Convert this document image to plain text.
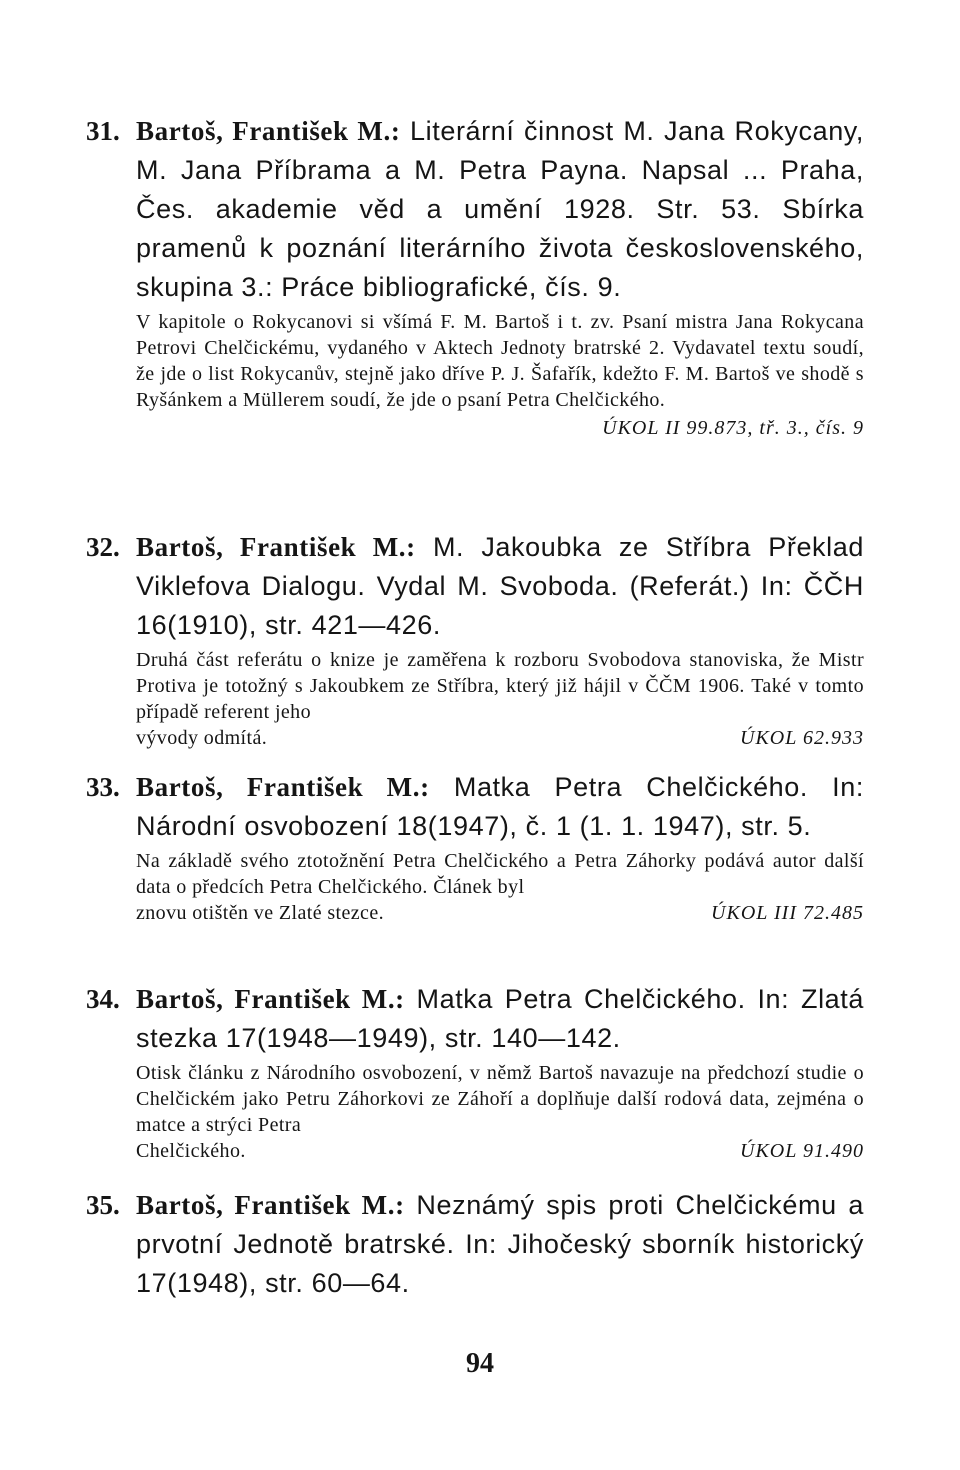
31. Bartoš, František M.: Literární činnost M. Jana Rokycany, M. Jana Příbrama a M. Petra Payna. Napsal ... Praha, Čes. akademie věd a umění 1928. Str. 53. Sbírka pramenů k poznání literárního života československého, skupina 3.: Práce bibliografické, čís. 9.

V kapitole o Rokycanovi si všímá F. M. Bartoš i t. zv. Psaní mistra Jana Rokycana Petrovi Chelčickému, vydaného v Aktech Jednoty bratrské 2. Vydavatel textu soudí, že jde o list Rokycanův, stejně jako dříve P. J. Šafařík, kdežto F. M. Bartoš ve shodě s Ryšánkem a Müllerem soudí, že jde o psaní Petra Chelčického.

ÚKOL II 99.873, tř. 3., čís. 9
32. Bartoš, František M.: M. Jakoubka ze Stříbra Překlad Viklefova Dialogu. Vydal M. Svoboda. (Referát.) In: ČČH 16(1910), str. 421—426.

Druhá část referátu o knize je zaměřena k rozboru Svobodova stanoviska, že Mistr Protiva je totožný s Jakoubkem ze Stříbra, který již hájil v ČČM 1906. Také v tomto případě referent jeho

vývody odmítá.	ÚKOL 62.933
33. Bartoš, František M.: Matka Petra Chelčického. In: Národní osvobození 18(1947), č. 1 (1. 1. 1947), str. 5.

Na základě svého ztotožnění Petra Chelčického a Petra Záhorky podává autor další data o předcích Petra Chelčického. Článek byl

znovu otištěn ve Zlaté stezce.	ÚKOL III 72.485
34. Bartoš, František M.: Matka Petra Chelčického. In: Zlatá stezka 17(1948—1949), str. 140—142.

Otisk článku z Národního osvobození, v němž Bartoš navazuje na předchozí studie o Chelčickém jako Petru Záhorkovi ze Záhoří a doplňuje další rodová data, zejména o matce a strýci Petra

Chelčického.	ÚKOL 91.490
35. Bartoš, František M.: Neznámý spis proti Chelčickému a prvotní Jednotě bratrské. In: Jihočeský sborník historický 17(1948), str. 60—64.

94
